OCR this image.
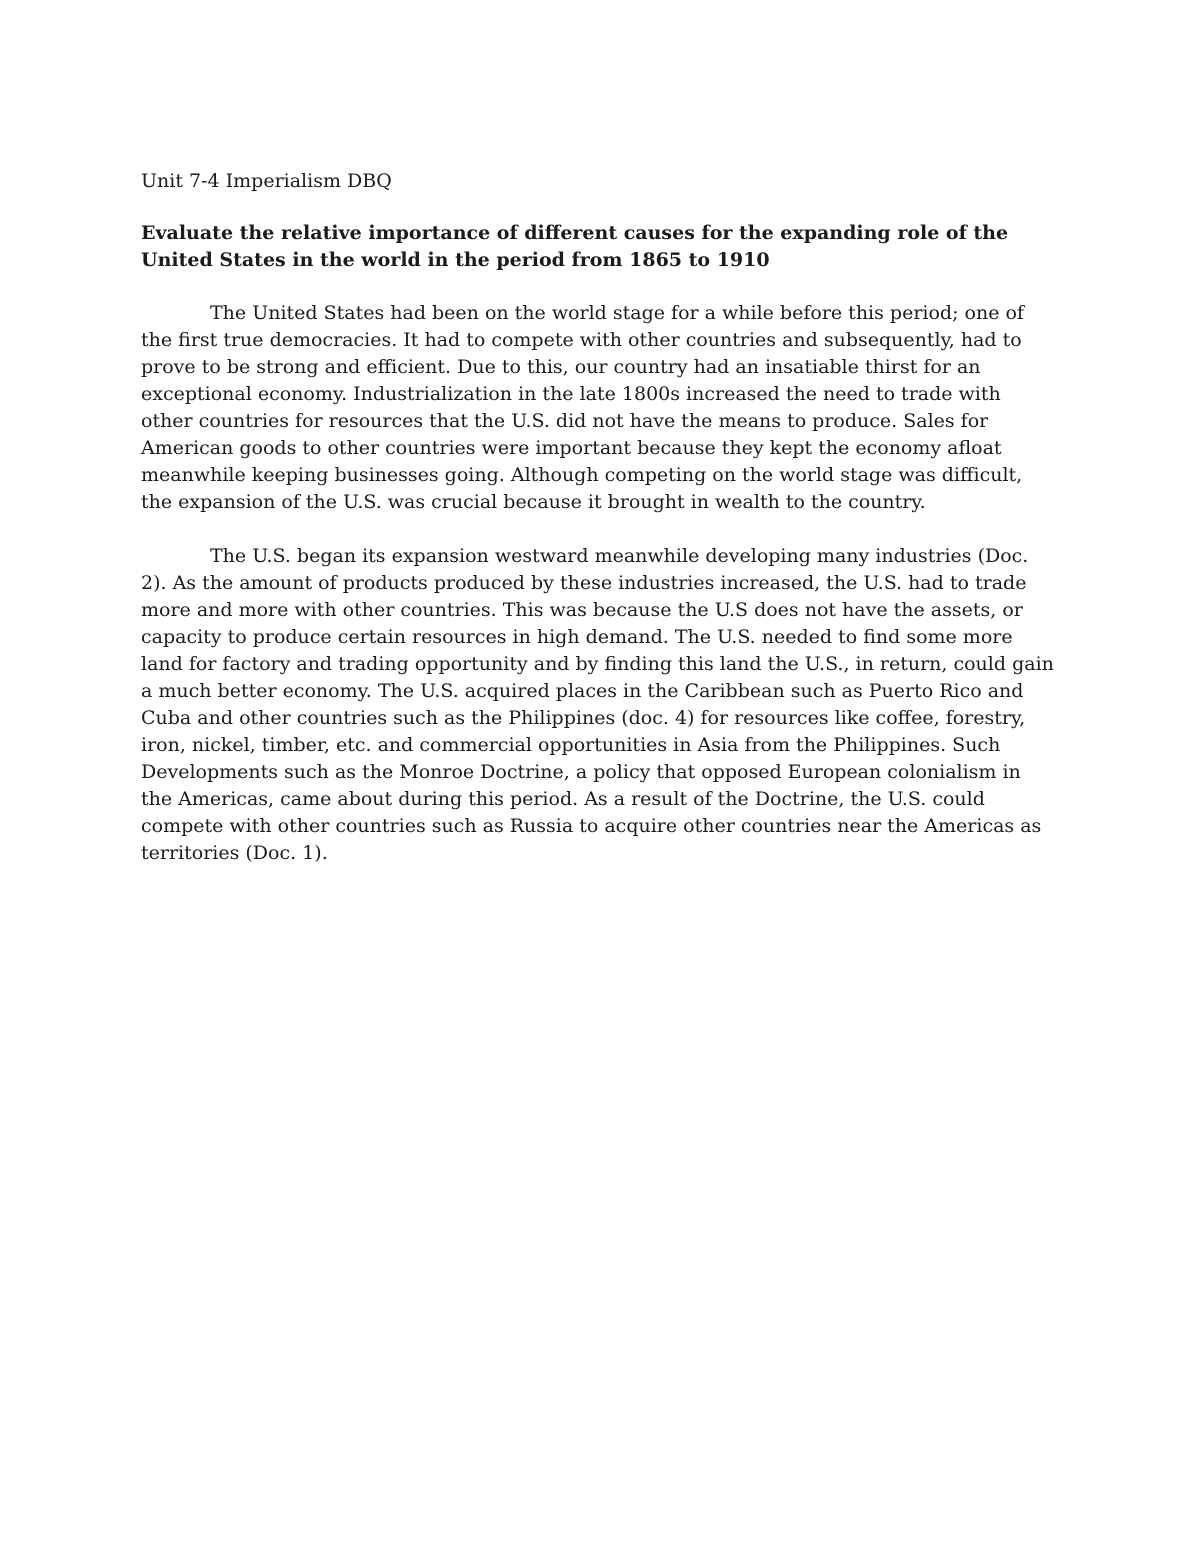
Unit 7-4 Imperialism DBQ

Evaluate the relative importance of different causes for the expanding role of the United States in the world in the period from 1865 to 1910

The United States had been on the world stage for a while before this period; one of the first true democracies. It had to compete with other countries and subsequently, had to prove to be strong and efficient. Due to this, our country had an insatiable thirst for an exceptional economy. Industrialization in the late 1800s increased the need to trade with other countries for resources that the U.S. did not have the means to produce. Sales for American goods to other countries were important because they kept the economy afloat meanwhile keeping businesses going. Although competing on the world stage was difficult, the expansion of the U.S. was crucial because it brought in wealth to the country.

The U.S. began its expansion westward meanwhile developing many industries (Doc. 2). As the amount of products produced by these industries increased, the U.S. had to trade more and more with other countries. This was because the U.S does not have the assets, or capacity to produce certain resources in high demand. The U.S. needed to find some more land for factory and trading opportunity and by finding this land the U.S., in return, could gain a much better economy. The U.S. acquired places in the Caribbean such as Puerto Rico and Cuba and other countries such as the Philippines (doc. 4) for resources like coffee, forestry, iron, nickel, timber, etc. and commercial opportunities in Asia from the Philippines. Such Developments such as the Monroe Doctrine, a policy that opposed European colonialism in the Americas, came about during this period. As a result of the Doctrine, the U.S. could compete with other countries such as Russia to acquire other countries near the Americas as territories (Doc. 1).
